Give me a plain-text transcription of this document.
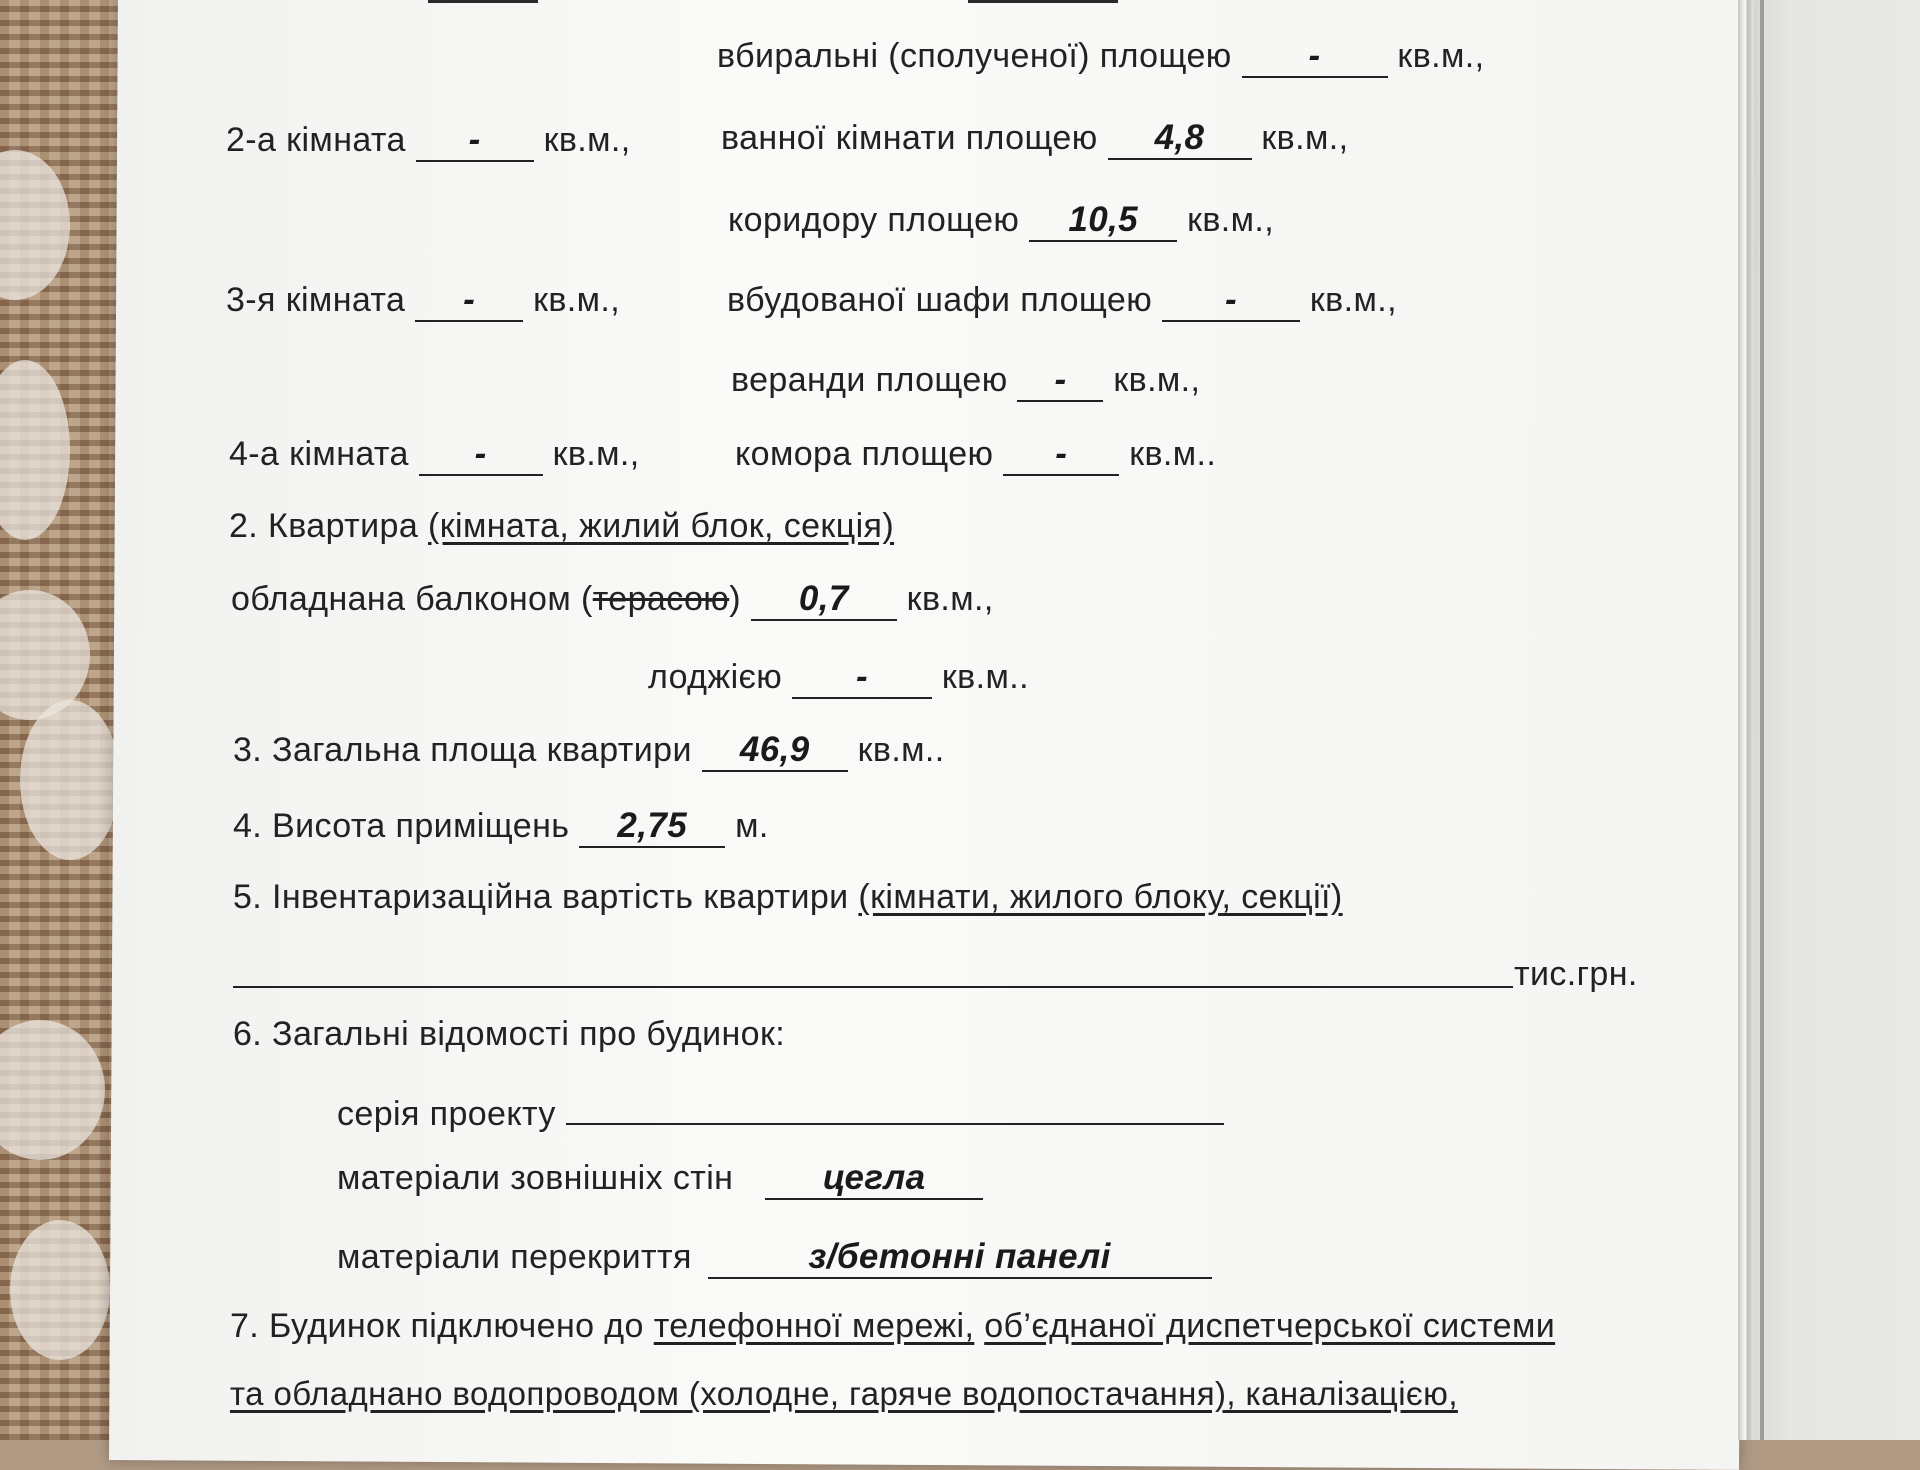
вбиральні (сполученої) площею - кв.м.,
2-а кімната - кв.м.,	ванної кімнати площею 4,8 кв.м.,
коридору площею 10,5 кв.м.,
3-я кімната - кв.м.,	вбудованої шафи площею - кв.м.,
веранди площею - кв.м.,
4-а кімната - кв.м.,	комора площею - кв.м..
2. Квартира (кімната, жилий блок, секція)
обладнана балконом (терасою) 0,7 кв.м.,
лоджією - кв.м..
3. Загальна площа квартири 46,9 кв.м..
4. Висота приміщень 2,75 м.
5. Інвентаризаційна вартість квартири (кімнати, жилого блоку, секції)
тис.грн.
6. Загальні відомості про будинок:
серія проекту
матеріали зовнішніх стін	цегла
матеріали перекриття	з/бетонні панелі
7. Будинок підключено до телефонної мережі, об’єднаної диспетчерської системи
та обладнано водопроводом (холодне, гаряче водопостачання), каналізацією,
